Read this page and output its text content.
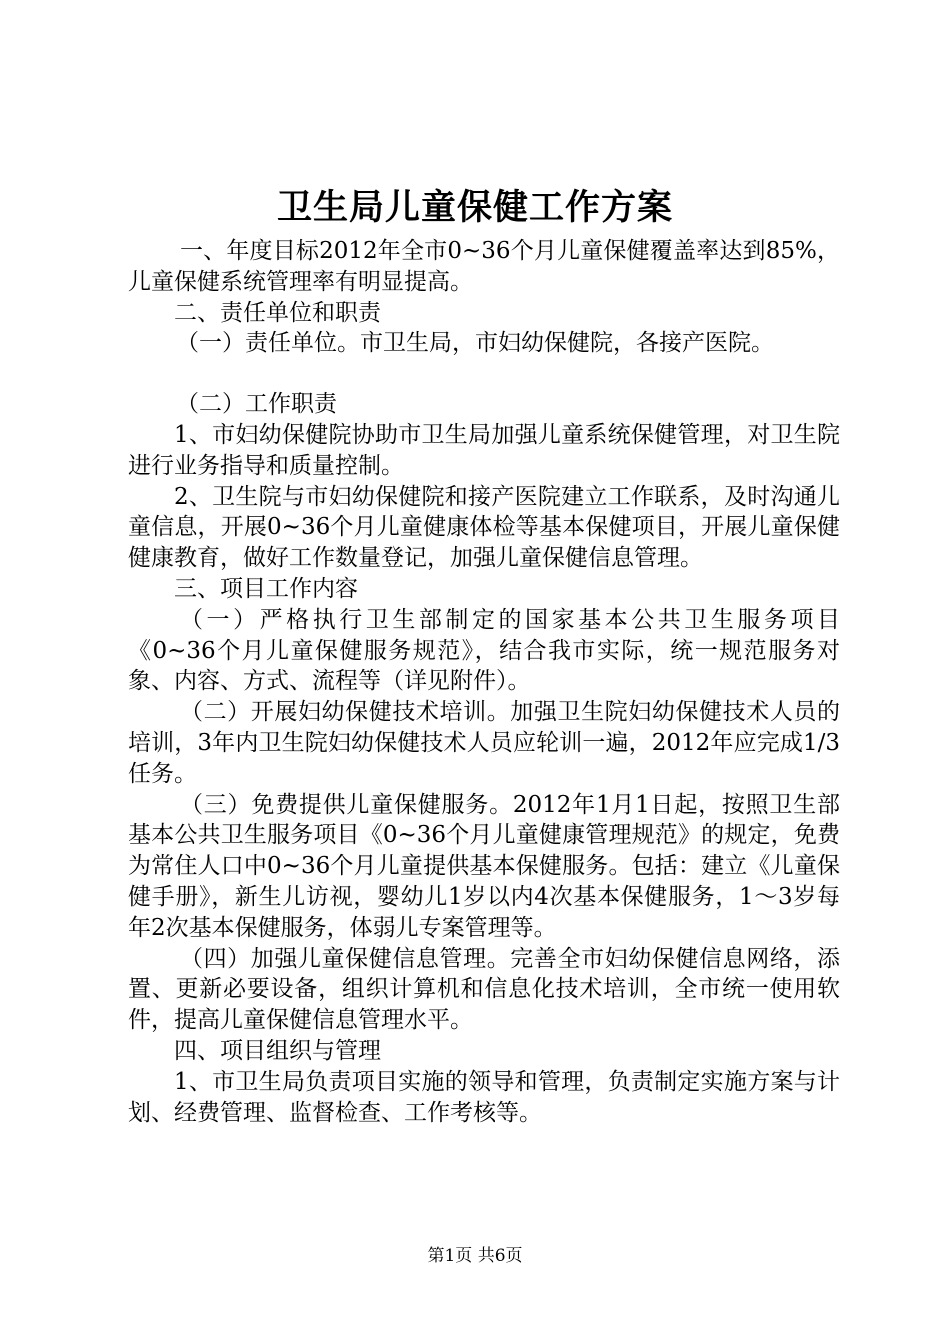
卫生局儿童保健工作方案

一、年度目标2012年全市0~36个月儿童保健覆盖率达到85%，儿童保健系统管理率有明显提高。

二、责任单位和职责

（一）责任单位。市卫生局，市妇幼保健院，各接产医院。

（二）工作职责

1、市妇幼保健院协助市卫生局加强儿童系统保健管理，对卫生院进行业务指导和质量控制。

2、卫生院与市妇幼保健院和接产医院建立工作联系，及时沟通儿童信息，开展0~36个月儿童健康体检等基本保健项目，开展儿童保健健康教育，做好工作数量登记，加强儿童保健信息管理。

三、项目工作内容

（一）严格执行卫生部制定的国家基本公共卫生服务项目《0~36个月儿童保健服务规范》，结合我市实际，统一规范服务对象、内容、方式、流程等（详见附件）。

（二）开展妇幼保健技术培训。加强卫生院妇幼保健技术人员的培训，3年内卫生院妇幼保健技术人员应轮训一遍，2012年应完成1/3任务。

（三）免费提供儿童保健服务。2012年1月1日起，按照卫生部基本公共卫生服务项目《0~36个月儿童健康管理规范》的规定，免费为常住人口中0~36个月儿童提供基本保健服务。包括：建立《儿童保健手册》，新生儿访视，婴幼儿1岁以内4次基本保健服务，1～3岁每年2次基本保健服务，体弱儿专案管理等。

（四）加强儿童保健信息管理。完善全市妇幼保健信息网络，添置、更新必要设备，组织计算机和信息化技术培训，全市统一使用软件，提高儿童保健信息管理水平。

四、项目组织与管理

1、市卫生局负责项目实施的领导和管理，负责制定实施方案与计划、经费管理、监督检查、工作考核等。

第1页 共6页
